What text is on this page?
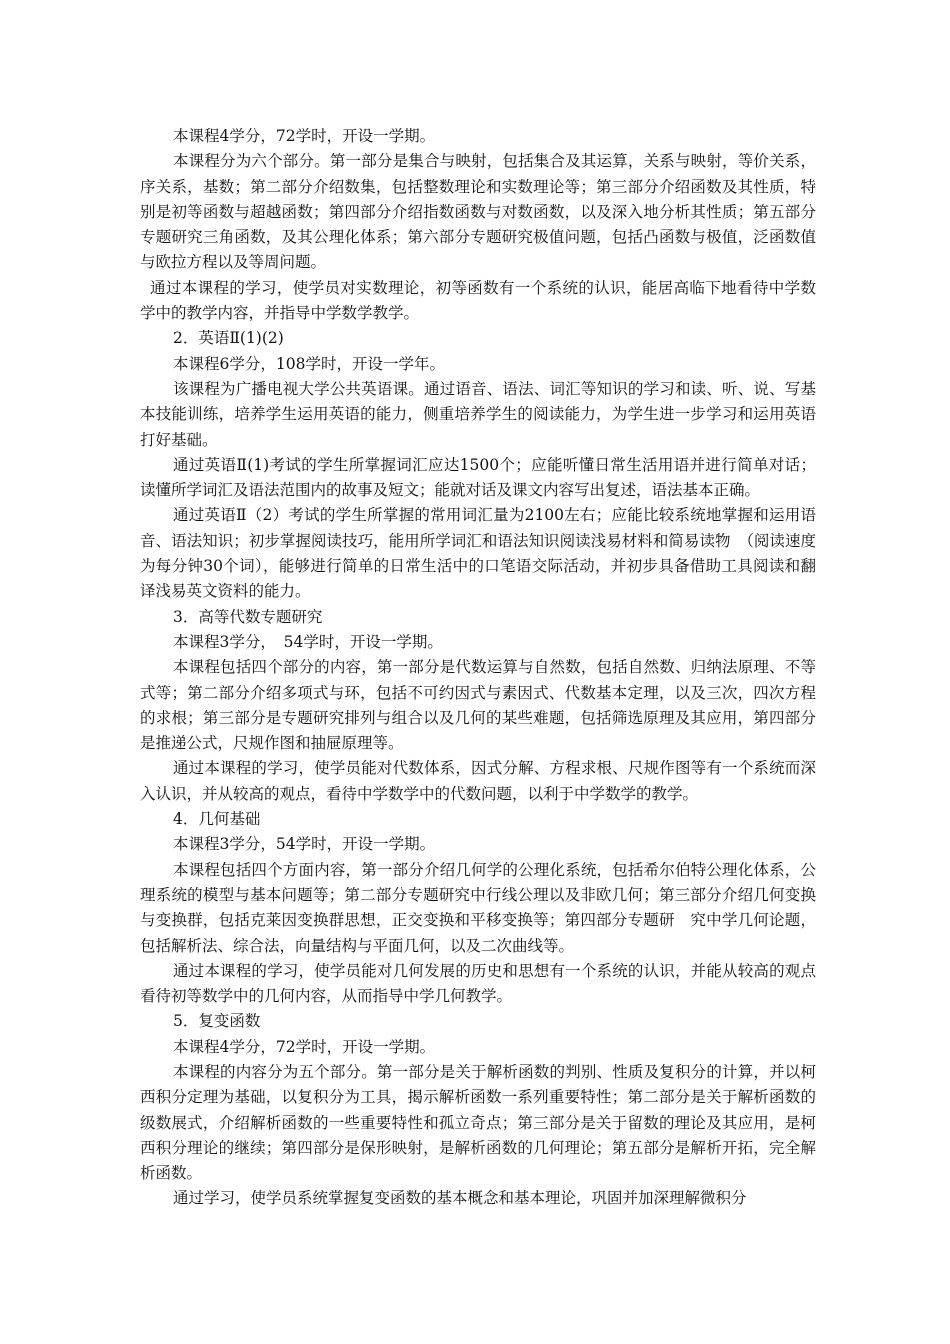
本课程4学分，72学时，开设一学期。

本课程分为六个部分。第一部分是集合与映射，包括集合及其运算，关系与映射，等价关系，序关系，基数；第二部分介绍数集，包括整数理论和实数理论等；第三部分介绍函数及其性质，特别是初等函数与超越函数；第四部分介绍指数函数与对数函数，以及深入地分析其性质；第五部分专题研究三角函数，及其公理化体系；第六部分专题研究极值问题，包括凸函数与极值，泛函数值与欧拉方程以及等周问题。

通过本课程的学习，使学员对实数理论，初等函数有一个系统的认识，能居高临下地看待中学数学中的教学内容，并指导中学数学教学。

2．英语Ⅱ(1)(2)

本课程6学分，108学时，开设一学年。

该课程为广播电视大学公共英语课。通过语音、语法、词汇等知识的学习和读、听、说、写基本技能训练，培养学生运用英语的能力，侧重培养学生的阅读能力，为学生进一步学习和运用英语打好基础。

通过英语Ⅱ(1)考试的学生所掌握词汇应达1500个；应能听懂日常生活用语并进行简单对话；读懂所学词汇及语法范围内的故事及短文；能就对话及课文内容写出复述，语法基本正确。

通过英语Ⅱ（2）考试的学生所掌握的常用词汇量为2100左右；应能比较系统地掌握和运用语音、语法知识；初步掌握阅读技巧，能用所学词汇和语法知识阅读浅易材料和简易读物　（阅读速度为每分钟30个词），能够进行简单的日常生活中的口笔语交际活动，并初步具备借助工具阅读和翻译浅易英文资料的能力。

3．高等代数专题研究

本课程3学分，　54学时，开设一学期。

本课程包括四个部分的内容，第一部分是代数运算与自然数，包括自然数、归纳法原理、不等式等；第二部分介绍多项式与环，包括不可约因式与素因式、代数基本定理，以及三次，四次方程的求根；第三部分是专题研究排列与组合以及几何的某些难题，包括筛选原理及其应用，第四部分是推递公式，尺规作图和抽屉原理等。

通过本课程的学习，使学员能对代数体系，因式分解、方程求根、尺规作图等有一个系统而深入认识，并从较高的观点，看待中学数学中的代数问题，以利于中学数学的教学。

4．几何基础

本课程3学分，54学时，开设一学期。

本课程包括四个方面内容，第一部分介绍几何学的公理化系统，包括希尔伯特公理化体系，公理系统的模型与基本问题等；第二部分专题研究中行线公理以及非欧几何；第三部分介绍几何变换与变换群，包括克莱因变换群思想，正交变换和平移变换等；第四部分专题研　究中学几何论题，包括解析法、综合法，向量结构与平面几何，以及二次曲线等。

通过本课程的学习，使学员能对几何发展的历史和思想有一个系统的认识，并能从较高的观点看待初等数学中的几何内容，从而指导中学几何教学。

5．复变函数

本课程4学分，72学时，开设一学期。

本课程的内容分为五个部分。第一部分是关于解析函数的判别、性质及复积分的计算，并以柯西积分定理为基础，以复积分为工具，揭示解析函数一系列重要特性；第二部分是关于解析函数的级数展式，介绍解析函数的一些重要特性和孤立奇点；第三部分是关于留数的理论及其应用，是柯西积分理论的继续；第四部分是保形映射，是解析函数的几何理论；第五部分是解析开拓，完全解析函数。

通过学习，使学员系统掌握复变函数的基本概念和基本理论，巩固并加深理解微积分
